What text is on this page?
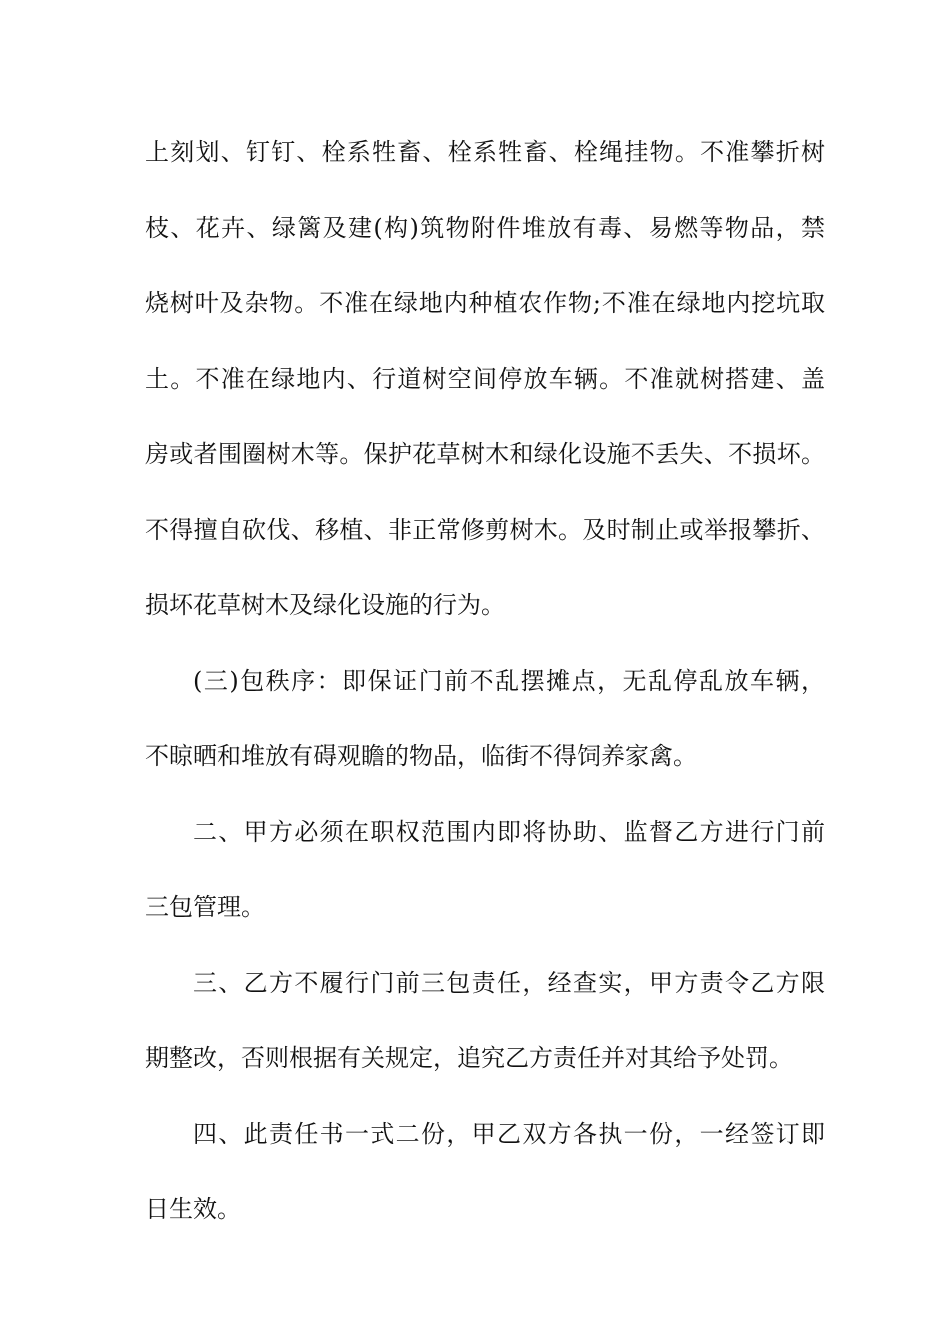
上刻划、钉钉、栓系牲畜、栓系牲畜、栓绳挂物。不准攀折树
枝、花卉、绿篱及建(构)筑物附件堆放有毒、易燃等物品，禁
烧树叶及杂物。不准在绿地内种植农作物;不准在绿地内挖坑取
土。不准在绿地内、行道树空间停放车辆。不准就树搭建、盖
房或者围圈树木等。保护花草树木和绿化设施不丢失、不损坏。
不得擅自砍伐、移植、非正常修剪树木。及时制止或举报攀折、
损坏花草树木及绿化设施的行为。
(三)包秩序：即保证门前不乱摆摊点，无乱停乱放车辆，
不晾晒和堆放有碍观瞻的物品，临街不得饲养家禽。
二、甲方必须在职权范围内即将协助、监督乙方进行门前
三包管理。
三、乙方不履行门前三包责任，经查实，甲方责令乙方限
期整改，否则根据有关规定，追究乙方责任并对其给予处罚。
四、此责任书一式二份，甲乙双方各执一份，一经签订即
日生效。
